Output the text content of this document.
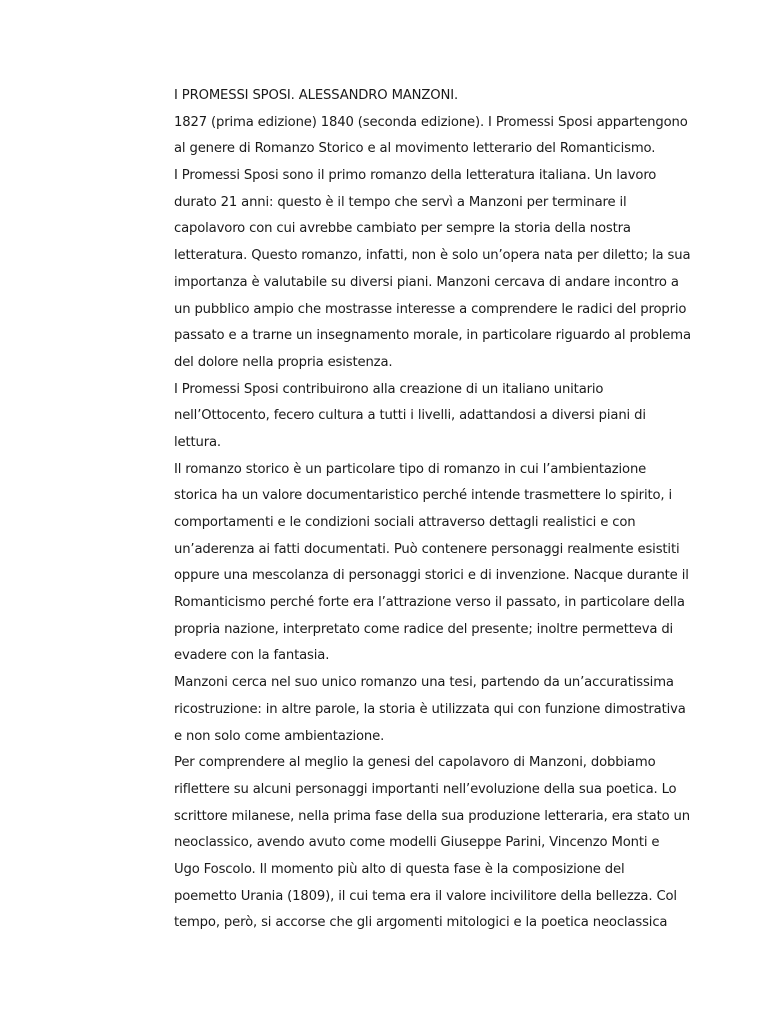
I PROMESSI SPOSI. ALESSANDRO MANZONI.
1827 (prima edizione) 1840 (seconda edizione). I Promessi Sposi appartengono
al genere di Romanzo Storico e al movimento letterario del Romanticismo.
I Promessi Sposi sono il primo romanzo della letteratura italiana. Un lavoro
durato 21 anni: questo è il tempo che servì a Manzoni per terminare il
capolavoro con cui avrebbe cambiato per sempre la storia della nostra
letteratura. Questo romanzo, infatti, non è solo un’opera nata per diletto; la sua
importanza è valutabile su diversi piani. Manzoni cercava di andare incontro a
un pubblico ampio che mostrasse interesse a comprendere le radici del proprio
passato e a trarne un insegnamento morale, in particolare riguardo al problema
del dolore nella propria esistenza.
I Promessi Sposi contribuirono alla creazione di un italiano unitario
nell’Ottocento, fecero cultura a tutti i livelli, adattandosi a diversi piani di
lettura.
Il romanzo storico è un particolare tipo di romanzo in cui l’ambientazione
storica ha un valore documentaristico perché intende trasmettere lo spirito, i
comportamenti e le condizioni sociali attraverso dettagli realistici e con
un’aderenza ai fatti documentati. Può contenere personaggi realmente esistiti
oppure una mescolanza di personaggi storici e di invenzione. Nacque durante il
Romanticismo perché forte era l’attrazione verso il passato, in particolare della
propria nazione, interpretato come radice del presente; inoltre permetteva di
evadere con la fantasia.
Manzoni cerca nel suo unico romanzo una tesi, partendo da un’accuratissima
ricostruzione: in altre parole, la storia è utilizzata qui con funzione dimostrativa
e non solo come ambientazione.
Per comprendere al meglio la genesi del capolavoro di Manzoni, dobbiamo
riflettere su alcuni personaggi importanti nell’evoluzione della sua poetica. Lo
scrittore milanese, nella prima fase della sua produzione letteraria, era stato un
neoclassico, avendo avuto come modelli Giuseppe Parini, Vincenzo Monti e
Ugo Foscolo. Il momento più alto di questa fase è la composizione del
poemetto Urania (1809), il cui tema era il valore incivilitore della bellezza. Col
tempo, però, si accorse che gli argomenti mitologici e la poetica neoclassica
